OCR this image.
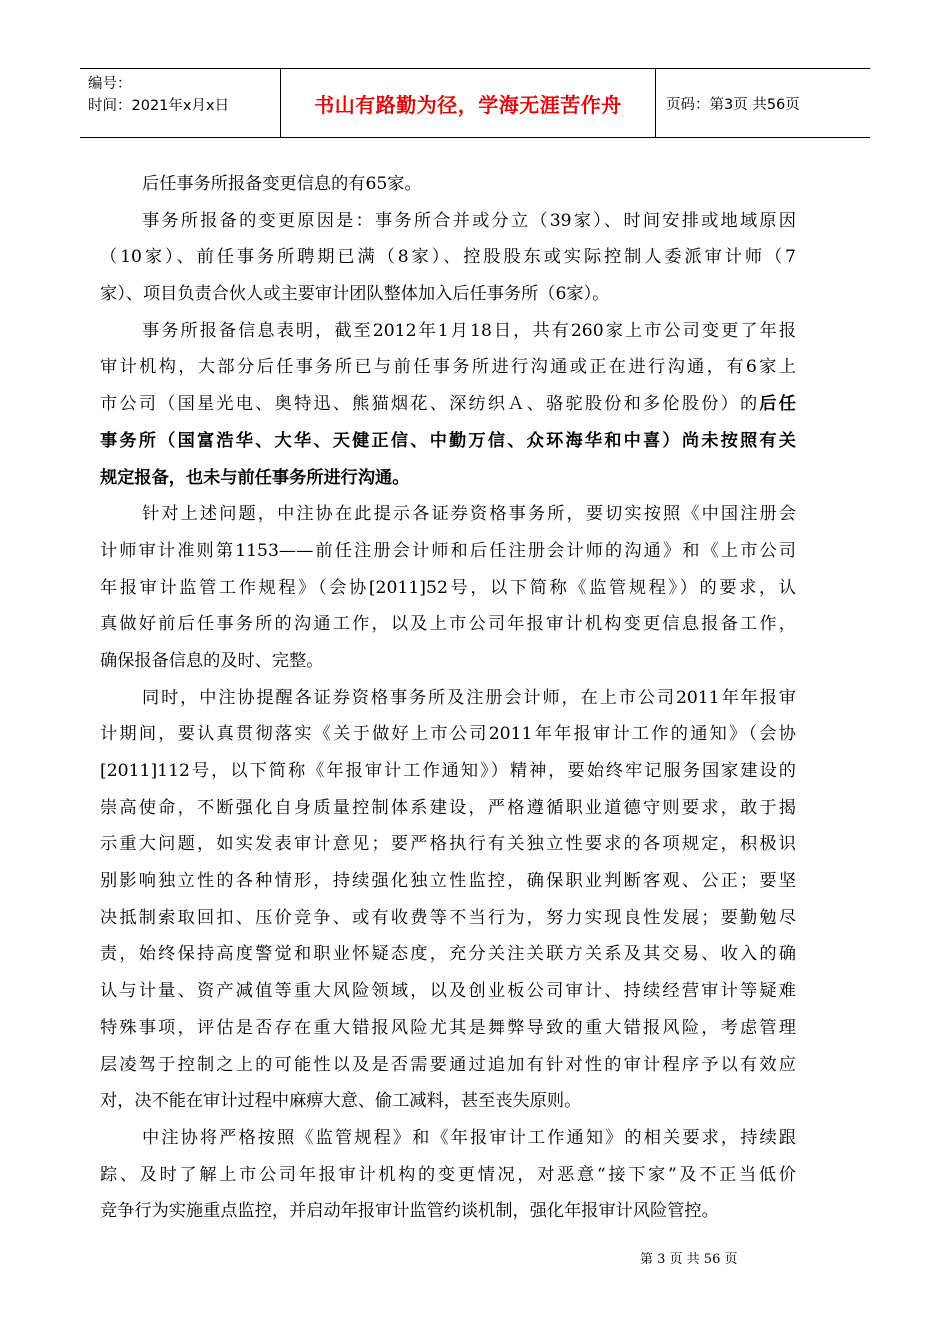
编号：
时间：2021年x月x日	书山有路勤为径，学海无涯苦作舟	页码：第3页 共56页
后任事务所报备变更信息的有65家。
事务所报备的变更原因是：事务所合并或分立（39家）、时间安排或地域原因
（10家）、前任事务所聘期已满（8家）、控股股东或实际控制人委派审计师（7
家）、项目负责合伙人或主要审计团队整体加入后任事务所（6家）。
事务所报备信息表明，截至2012年1月18日，共有260家上市公司变更了年报
审计机构，大部分后任事务所已与前任事务所进行沟通或正在进行沟通，有6家上
市公司（国星光电、奥特迅、熊猫烟花、深纺织Ａ、骆驼股份和多伦股份）的后任
事务所（国富浩华、大华、天健正信、中勤万信、众环海华和中喜）尚未按照有关
规定报备，也未与前任事务所进行沟通。
针对上述问题，中注协在此提示各证券资格事务所，要切实按照《中国注册会
计师审计准则第1153——前任注册会计师和后任注册会计师的沟通》和《上市公司
年报审计监管工作规程》（会协[2011]52号，以下简称《监管规程》）的要求，认
真做好前后任事务所的沟通工作，以及上市公司年报审计机构变更信息报备工作，
确保报备信息的及时、完整。
同时，中注协提醒各证券资格事务所及注册会计师，在上市公司2011年年报审
计期间，要认真贯彻落实《关于做好上市公司2011年年报审计工作的通知》（会协
[2011]112号，以下简称《年报审计工作通知》）精神，要始终牢记服务国家建设的
崇高使命，不断强化自身质量控制体系建设，严格遵循职业道德守则要求，敢于揭
示重大问题，如实发表审计意见；要严格执行有关独立性要求的各项规定，积极识
别影响独立性的各种情形，持续强化独立性监控，确保职业判断客观、公正；要坚
决抵制索取回扣、压价竞争、或有收费等不当行为，努力实现良性发展；要勤勉尽
责，始终保持高度警觉和职业怀疑态度，充分关注关联方关系及其交易、收入的确
认与计量、资产减值等重大风险领域，以及创业板公司审计、持续经营审计等疑难
特殊事项，评估是否存在重大错报风险尤其是舞弊导致的重大错报风险，考虑管理
层凌驾于控制之上的可能性以及是否需要通过追加有针对性的审计程序予以有效应
对，决不能在审计过程中麻痹大意、偷工减料，甚至丧失原则。
中注协将严格按照《监管规程》和《年报审计工作通知》的相关要求，持续跟
踪、及时了解上市公司年报审计机构的变更情况，对恶意“接下家”及不正当低价
竞争行为实施重点监控，并启动年报审计监管约谈机制，强化年报审计风险管控。
第 3 页 共 56 页
